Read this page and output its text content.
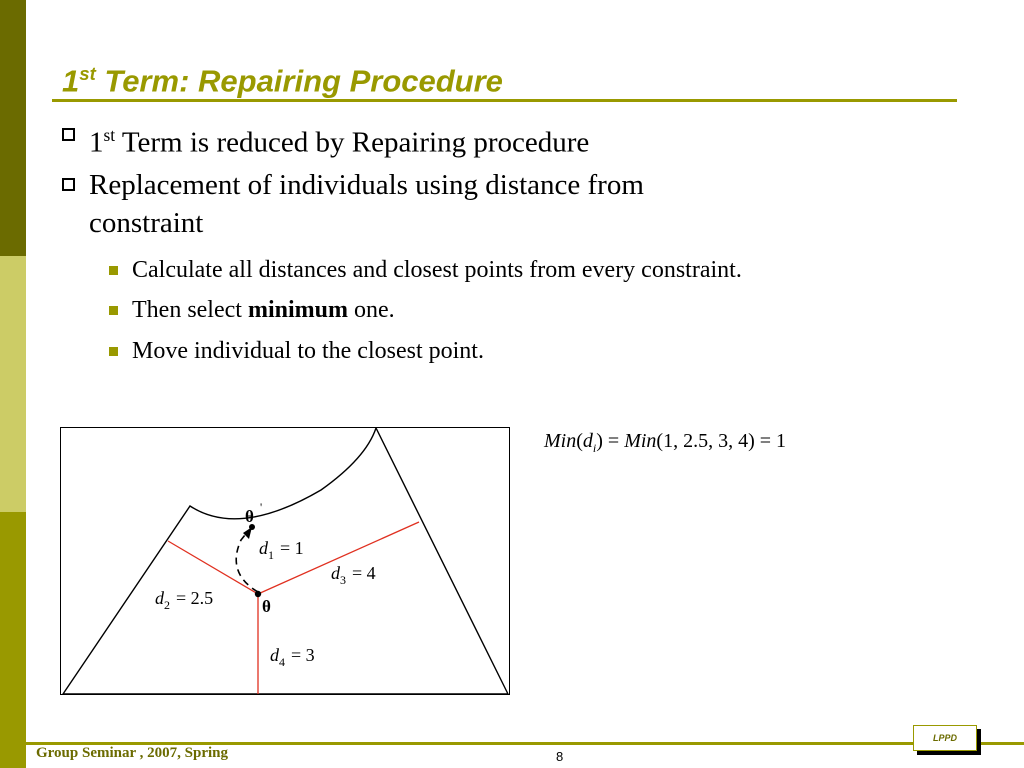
1st Term: Repairing Procedure
1st Term is reduced by Repairing procedure
Replacement of individuals using distance from
constraint
Calculate all distances and closest points from every constraint.
Then select minimum one.
Move individual to the closest point.
θ '
θ
$d_1 = 1$
$d_2 = 2.5$
$d_3 = 4$
$d_4 = 3$
$Min(d_i) = Min(1$, 2.5, 3, 4) = 1
Group Seminar , 2007, Spring	8
LPPD
